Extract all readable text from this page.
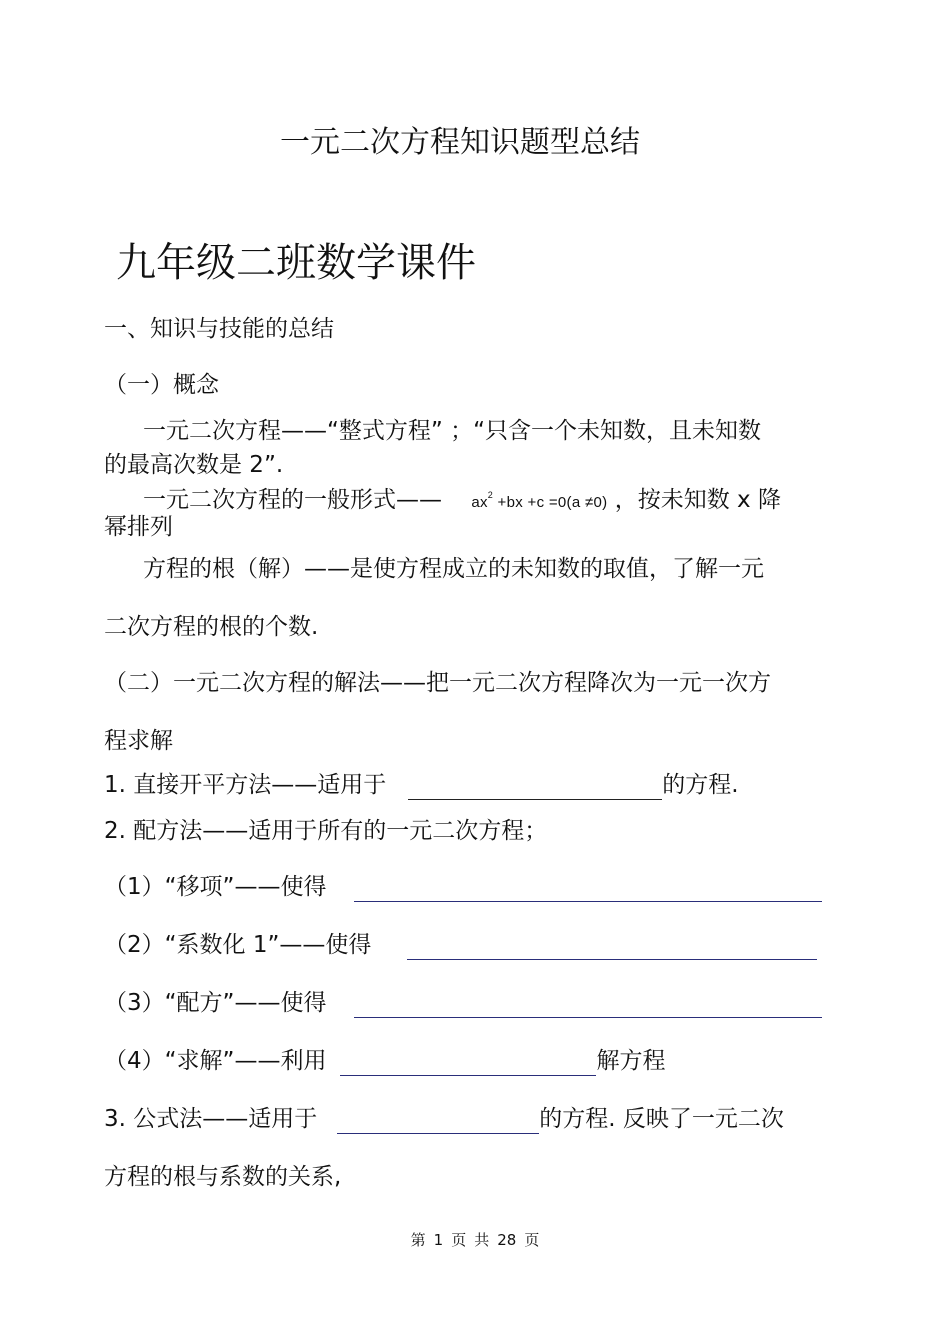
一元二次方程知识题型总结
九年级二班数学课件
一、知识与技能的总结
（一）概念
一元二次方程——“整式方程” ；“只含一个未知数，且未知数
的最高次数是 2”.
一元二次方程的一般形式—— $ax^2 +bx +c =0(a \ne 0)$ ，按未知数 x 降
幂排列
方程的根（解）——是使方程成立的未知数的取值，了解一元
二次方程的根的个数.
（二）一元二次方程的解法——把一元二次方程降次为一元一次方
程求解
1. 直接开平方法——适用于	的方程.
2. 配方法——适用于所有的一元二次方程；
（1）“移项”——使得
（2）“系数化 1”——使得
（3）“配方”——使得
（4）“求解”——利用	解方程
3. 公式法——适用于	的方程. 反映了一元二次
方程的根与系数的关系,
第 1 页 共 28 页
